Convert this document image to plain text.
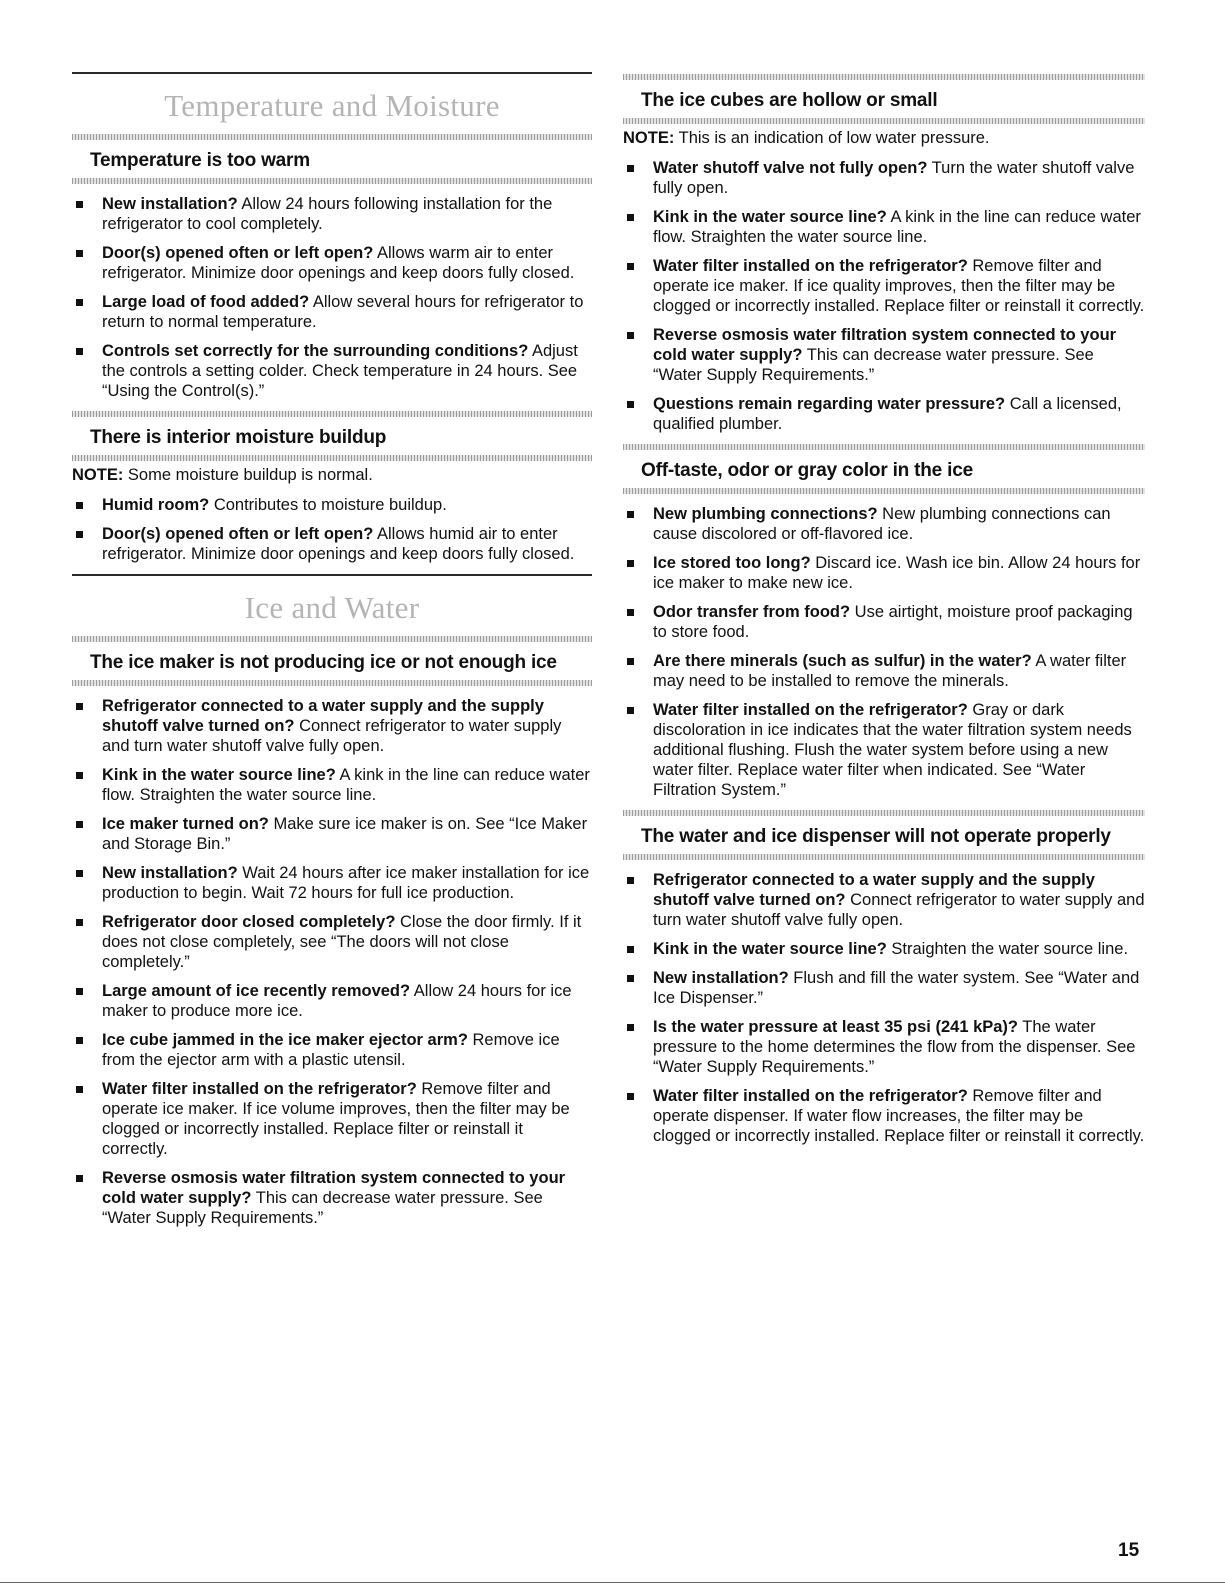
Temperature and Moisture
Temperature is too warm
New installation? Allow 24 hours following installation for the refrigerator to cool completely.
Door(s) opened often or left open? Allows warm air to enter refrigerator. Minimize door openings and keep doors fully closed.
Large load of food added? Allow several hours for refrigerator to return to normal temperature.
Controls set correctly for the surrounding conditions? Adjust the controls a setting colder. Check temperature in 24 hours. See “Using the Control(s).”
There is interior moisture buildup
NOTE: Some moisture buildup is normal.
Humid room? Contributes to moisture buildup.
Door(s) opened often or left open? Allows humid air to enter refrigerator. Minimize door openings and keep doors fully closed.
Ice and Water
The ice maker is not producing ice or not enough ice
Refrigerator connected to a water supply and the supply shutoff valve turned on? Connect refrigerator to water supply and turn water shutoff valve fully open.
Kink in the water source line? A kink in the line can reduce water flow. Straighten the water source line.
Ice maker turned on? Make sure ice maker is on. See “Ice Maker and Storage Bin.”
New installation? Wait 24 hours after ice maker installation for ice production to begin. Wait 72 hours for full ice production.
Refrigerator door closed completely? Close the door firmly. If it does not close completely, see “The doors will not close completely.”
Large amount of ice recently removed? Allow 24 hours for ice maker to produce more ice.
Ice cube jammed in the ice maker ejector arm? Remove ice from the ejector arm with a plastic utensil.
Water filter installed on the refrigerator? Remove filter and operate ice maker. If ice volume improves, then the filter may be clogged or incorrectly installed. Replace filter or reinstall it correctly.
Reverse osmosis water filtration system connected to your cold water supply? This can decrease water pressure. See “Water Supply Requirements.”
The ice cubes are hollow or small
NOTE: This is an indication of low water pressure.
Water shutoff valve not fully open? Turn the water shutoff valve fully open.
Kink in the water source line? A kink in the line can reduce water flow. Straighten the water source line.
Water filter installed on the refrigerator? Remove filter and operate ice maker. If ice quality improves, then the filter may be clogged or incorrectly installed. Replace filter or reinstall it correctly.
Reverse osmosis water filtration system connected to your cold water supply? This can decrease water pressure. See “Water Supply Requirements.”
Questions remain regarding water pressure? Call a licensed, qualified plumber.
Off-taste, odor or gray color in the ice
New plumbing connections? New plumbing connections can cause discolored or off-flavored ice.
Ice stored too long? Discard ice. Wash ice bin. Allow 24 hours for ice maker to make new ice.
Odor transfer from food? Use airtight, moisture proof packaging to store food.
Are there minerals (such as sulfur) in the water? A water filter may need to be installed to remove the minerals.
Water filter installed on the refrigerator? Gray or dark discoloration in ice indicates that the water filtration system needs additional flushing. Flush the water system before using a new water filter. Replace water filter when indicated. See “Water Filtration System.”
The water and ice dispenser will not operate properly
Refrigerator connected to a water supply and the supply shutoff valve turned on? Connect refrigerator to water supply and turn water shutoff valve fully open.
Kink in the water source line? Straighten the water source line.
New installation? Flush and fill the water system. See “Water and Ice Dispenser.”
Is the water pressure at least 35 psi (241 kPa)? The water pressure to the home determines the flow from the dispenser. See “Water Supply Requirements.”
Water filter installed on the refrigerator? Remove filter and operate dispenser. If water flow increases, the filter may be clogged or incorrectly installed. Replace filter or reinstall it correctly.
15
